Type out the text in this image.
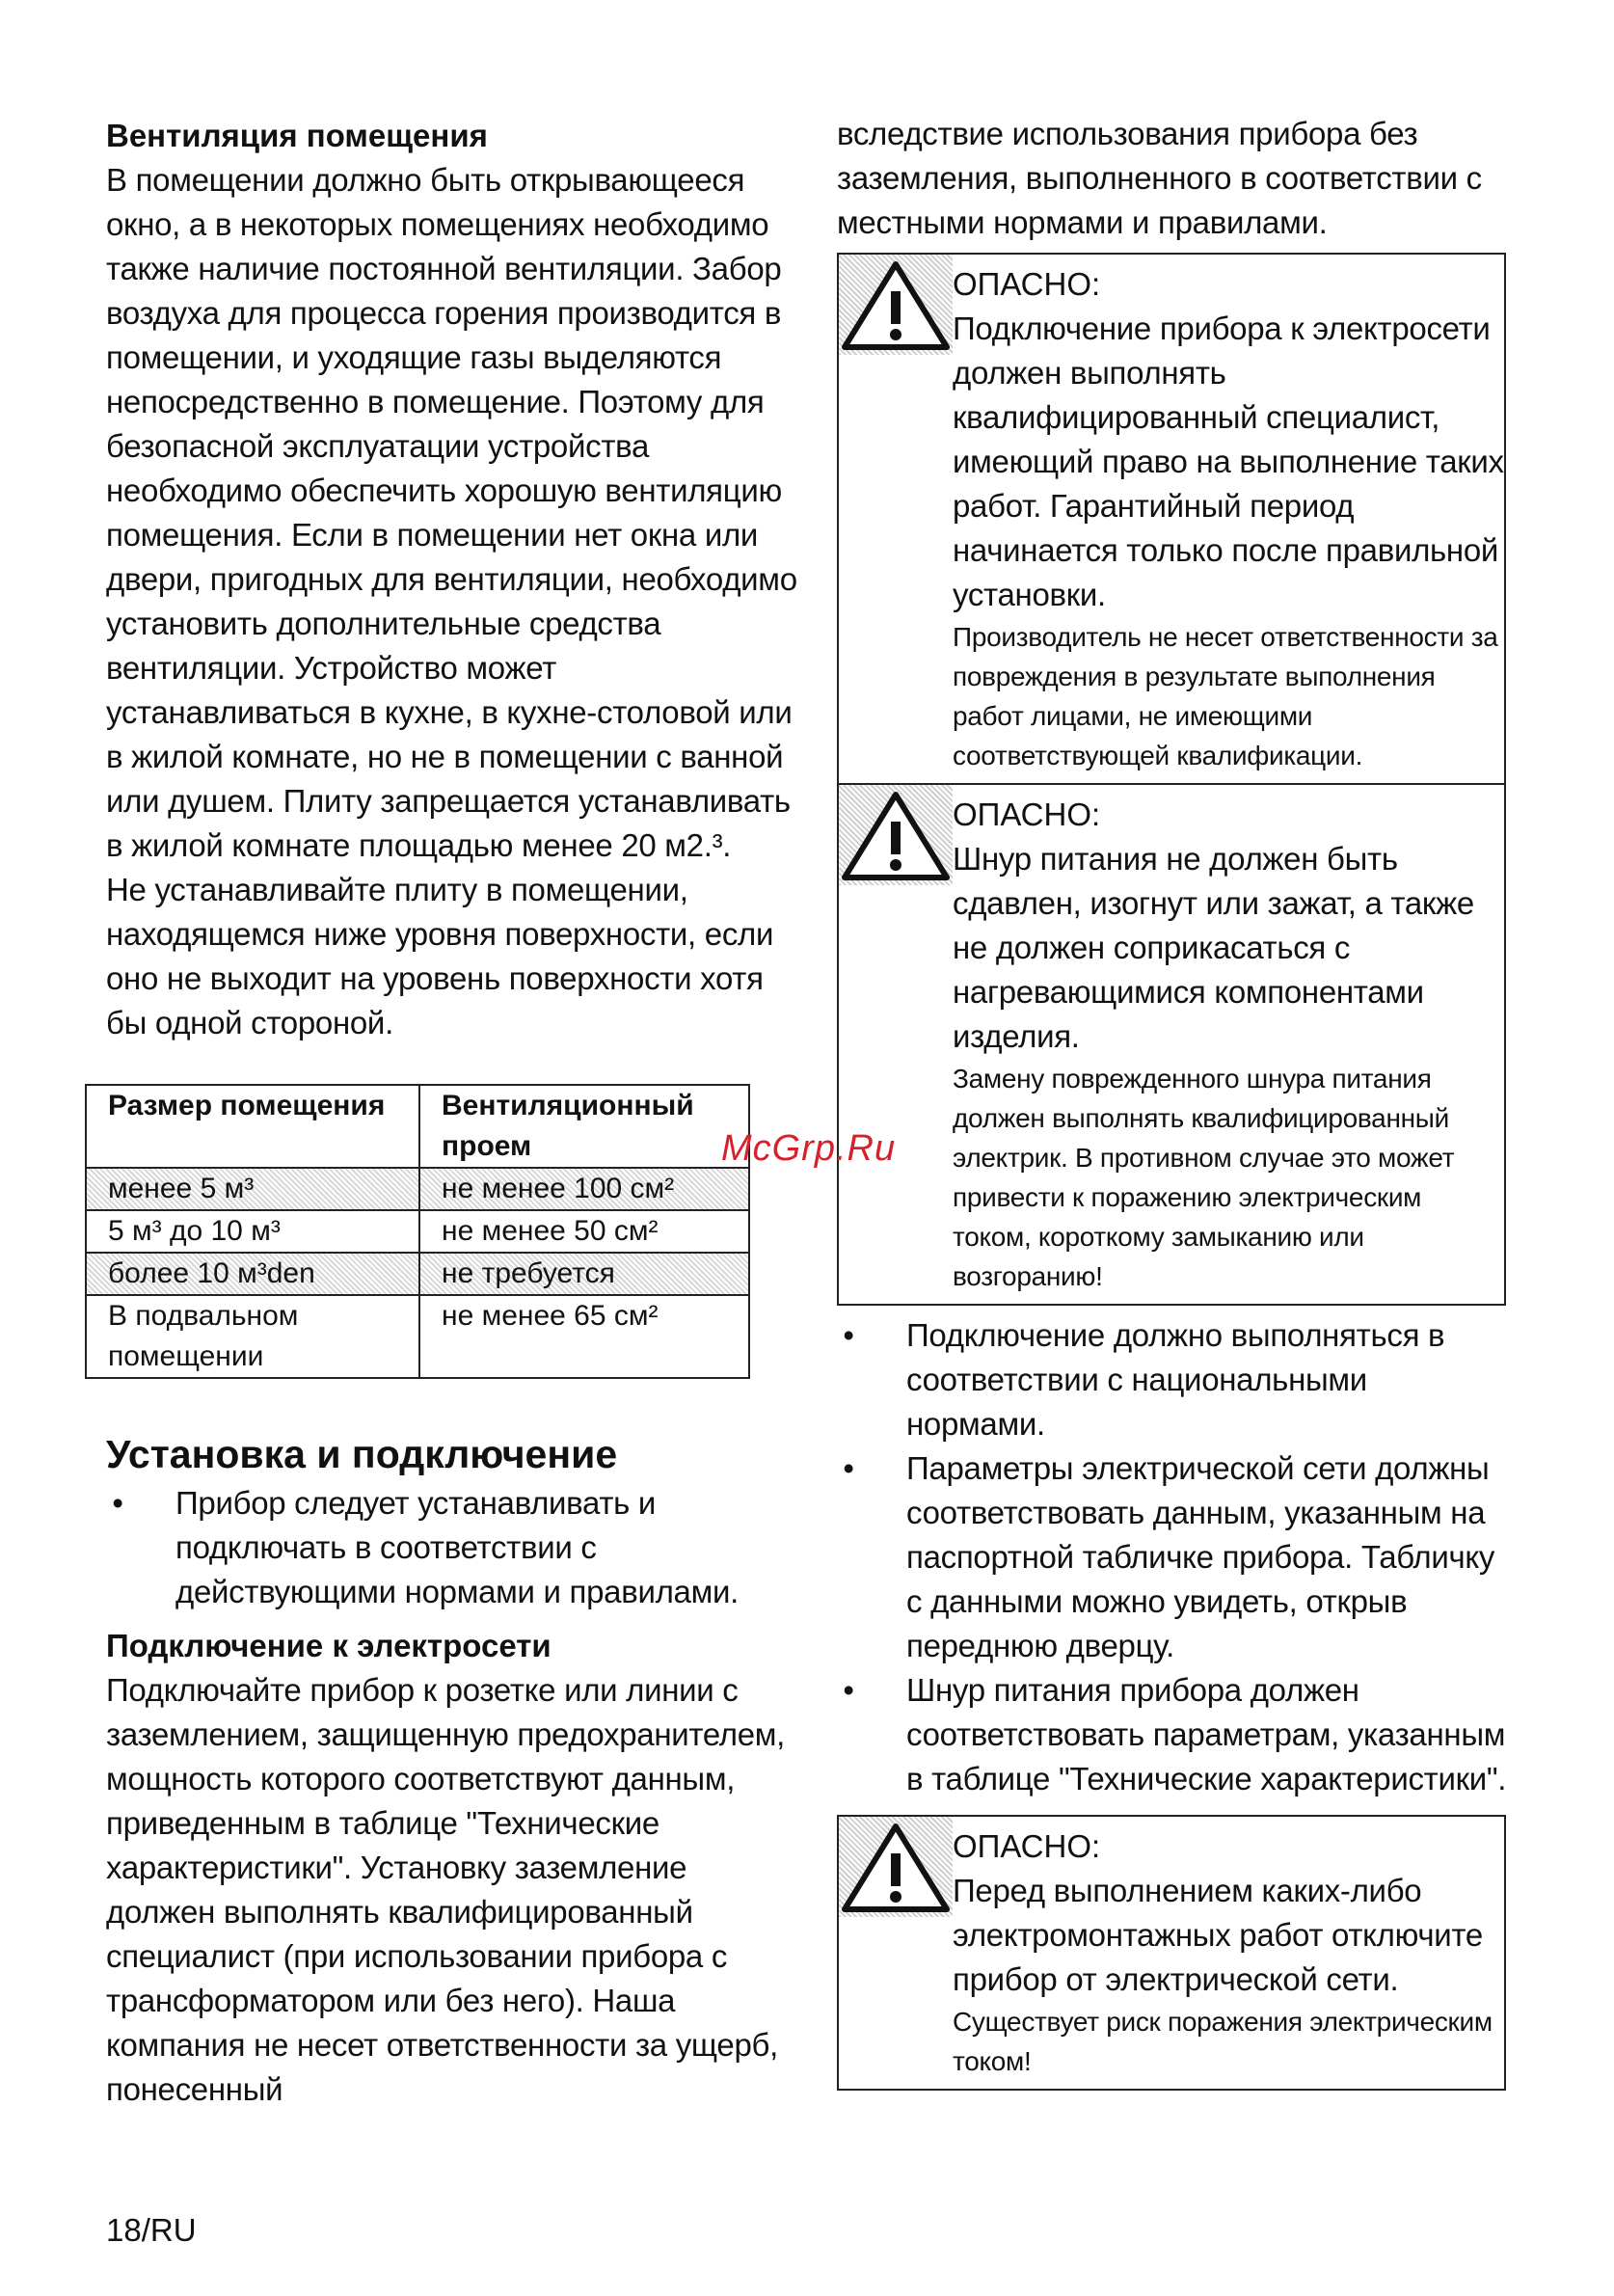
Вентиляция помещения

В помещении должно быть открывающееся окно, а в некоторых помещениях необходимо также наличие постоянной вентиляции. Забор воздуха для процесса горения производится в помещении, и уходящие газы выделяются непосредственно в помещение. Поэтому для безопасной эксплуатации устройства необходимо обеспечить хорошую вентиляцию помещения. Если в помещении нет окна или двери, пригодных для вентиляции, необходимо установить дополнительные средства вентиляции. Устройство может устанавливаться в кухне, в кухне-столовой или в жилой комнате, но не в помещении с ванной или душем. Плиту запрещается устанавливать в жилой комнате площадью менее 20 м2.³.

Не устанавливайте плиту в помещении, находящемся ниже уровня поверхности, если оно не выходит на уровень поверхности хотя бы одной стороной.

Размер помещения	Вентиляционный проем
менее 5 м³	не менее 100 см²
5 м³ до 10 м³	не менее 50 см²
более 10 м³den	не требуется
В подвальном помещении	не менее 65 см²

Установка и подключение

• Прибор следует устанавливать и подключать в соответствии с действующими нормами и правилами.

Подключение к электросети

Подключайте прибор к розетке или линии с заземлением, защищенную предохранителем, мощность которого соответствуют данным, приведенным в таблице "Технические характеристики". Установку заземление должен выполнять квалифицированный специалист (при использовании прибора с трансформатором или без него). Наша компания не несет ответственности за ущерб, понесенный

вследствие использования прибора без заземления, выполненного в соответствии с местными нормами и правилами.

ОПАСНО:

Подключение прибора к электросети должен выполнять квалифицированный специалист, имеющий право на выполнение таких работ. Гарантийный период начинается только после правильной установки.

Производитель не несет ответственности за повреждения в результате выполнения работ лицами, не имеющими соответствующей квалификации.

ОПАСНО:

Шнур питания не должен быть сдавлен, изогнут или зажат, а также не должен соприкасаться с нагревающимися компонентами изделия.

Замену поврежденного шнура питания должен выполнять квалифицированный электрик. В противном случае это может привести к поражению электрическим током, короткому замыканию или возгоранию!

• Подключение должно выполняться в соответствии с национальными нормами.
• Параметры электрической сети должны соответствовать данным, указанным на паспортной табличке прибора. Табличку с данными можно увидеть, открыв переднюю дверцу.
• Шнур питания прибора должен соответствовать параметрам, указанным в таблице "Технические характеристики".

ОПАСНО:

Перед выполнением каких-либо электромонтажных работ отключите прибор от электрической сети.

Существует риск поражения электрическим током!

McGrp.Ru
18/RU
